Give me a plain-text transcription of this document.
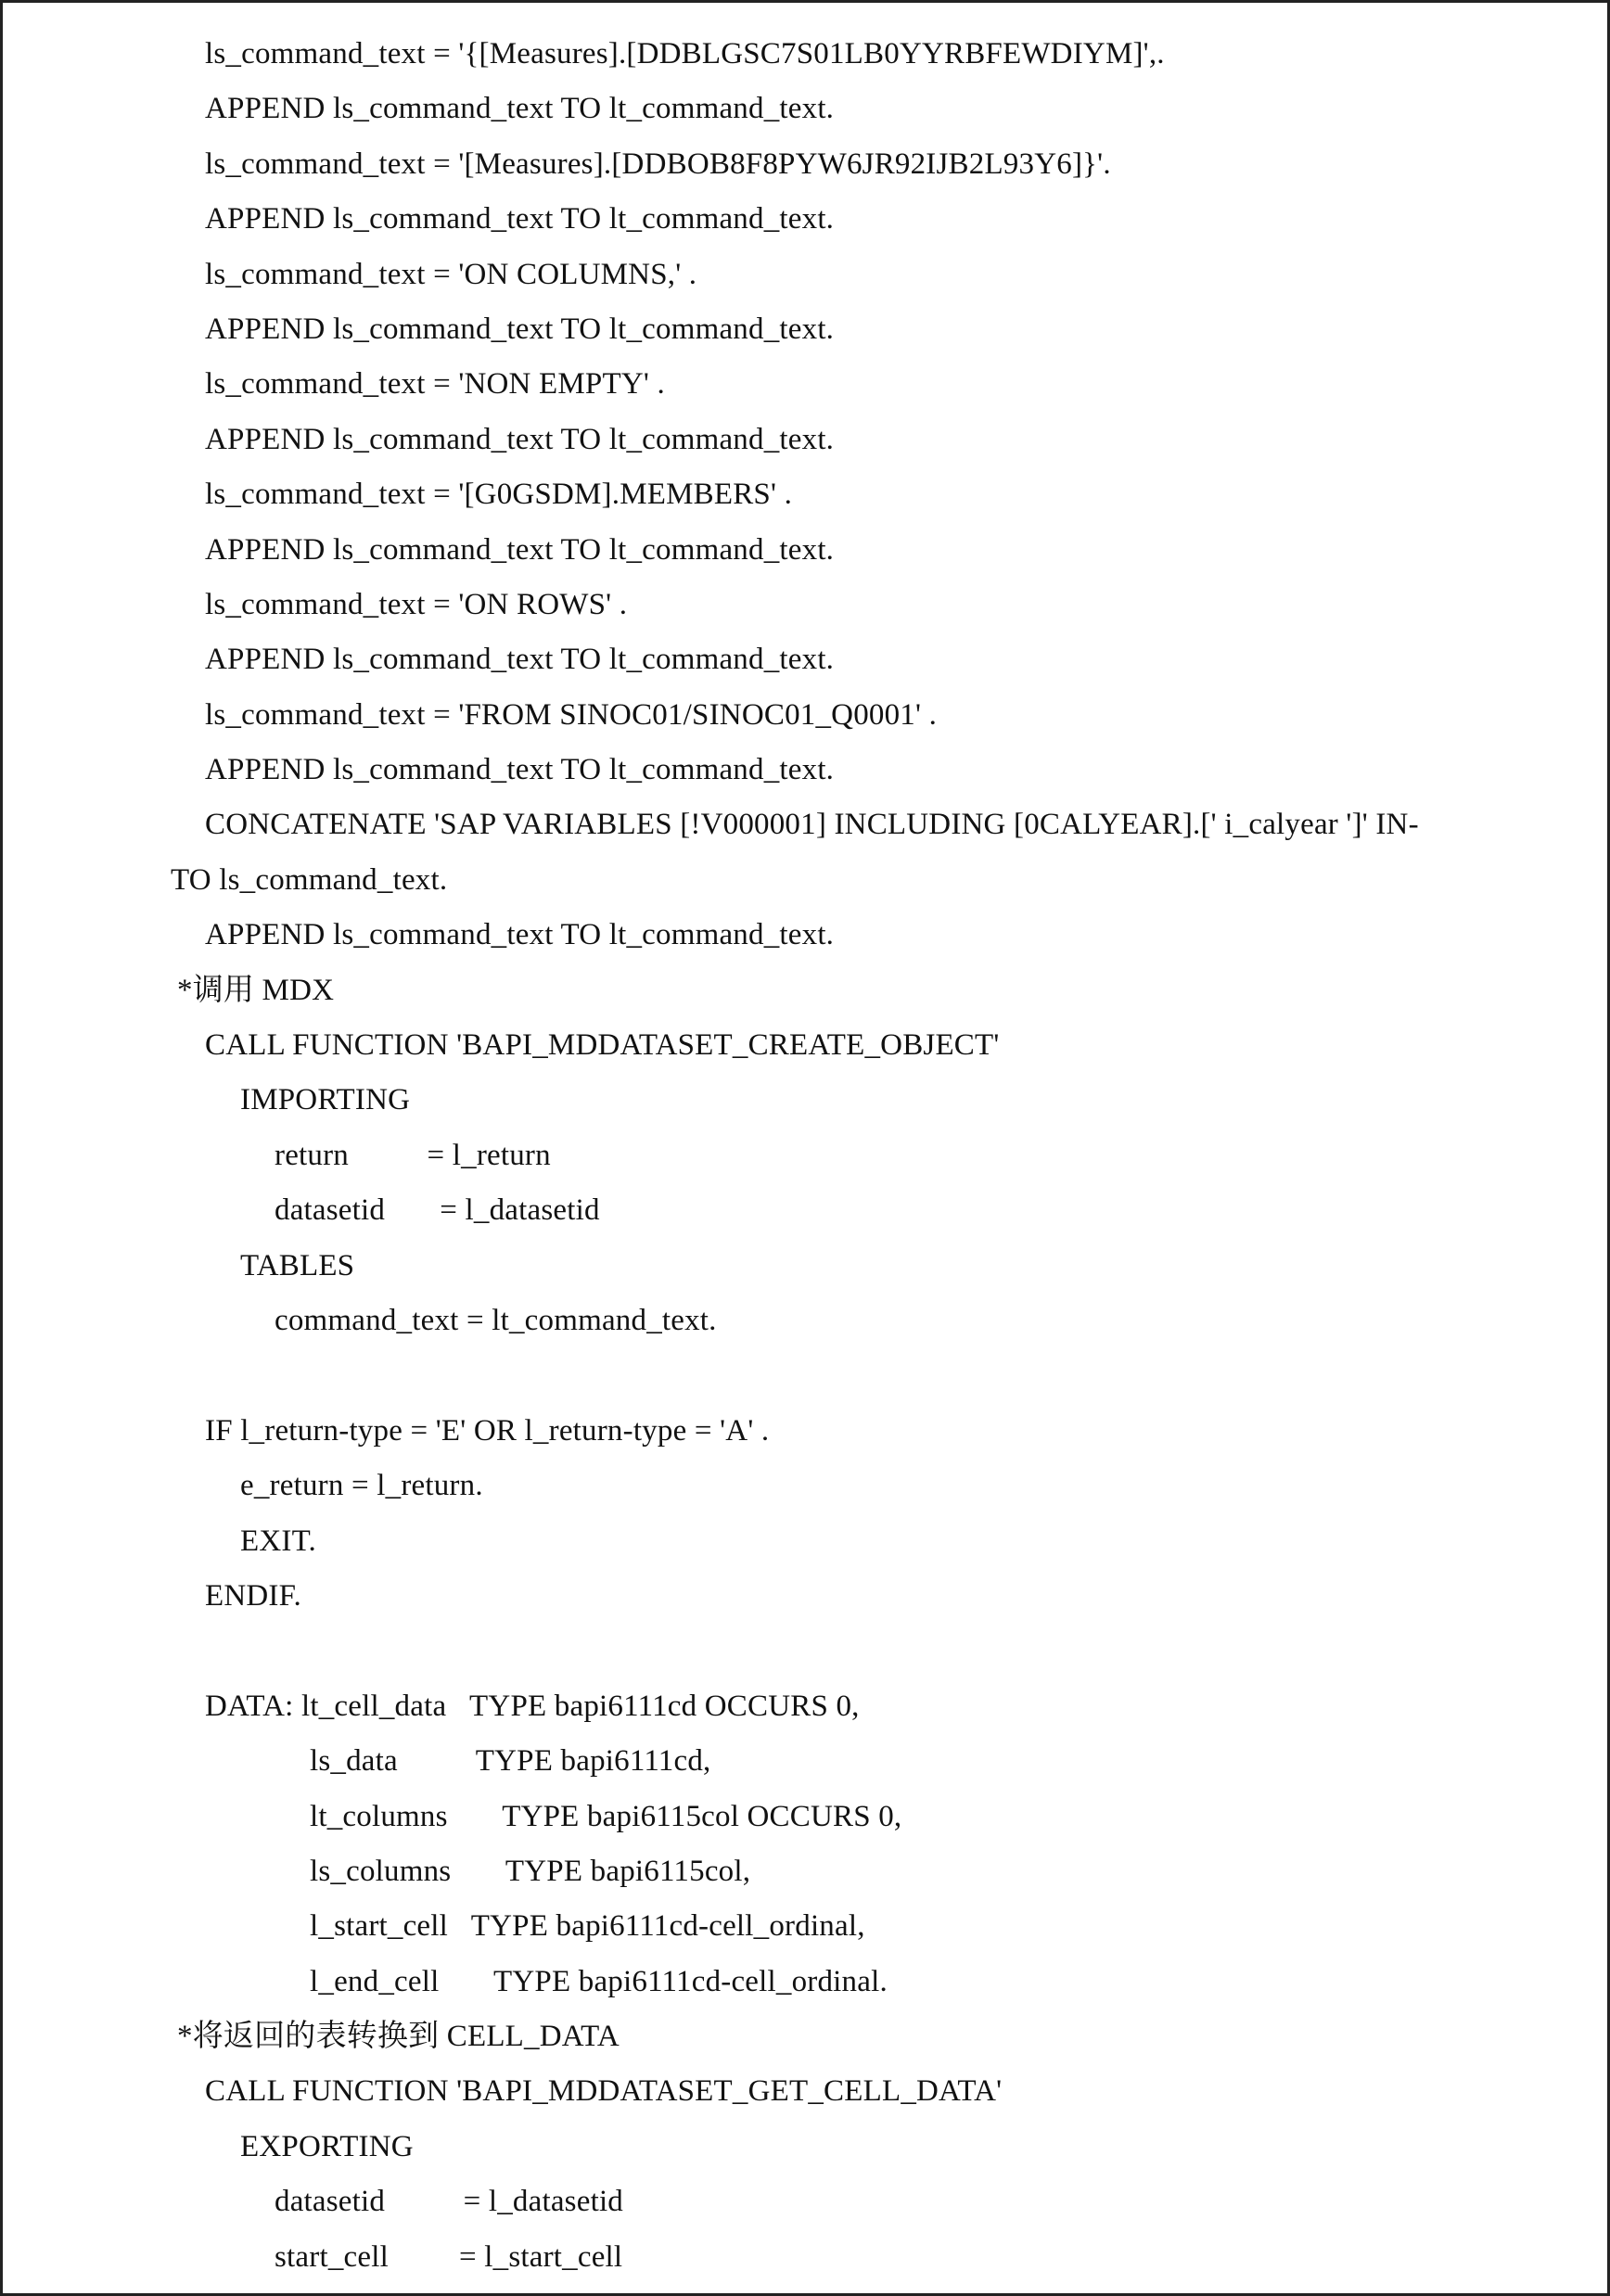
ls_command_text = '{[Measures].[DDBLGSC7S01LB0YYRBFEWDIYM]',.
APPEND ls_command_text TO lt_command_text.
ls_command_text = '[Measures].[DDBOB8F8PYW6JR92IJB2L93Y6]}'.
APPEND ls_command_text TO lt_command_text.
ls_command_text = 'ON COLUMNS,' .
APPEND ls_command_text TO lt_command_text.
ls_command_text = 'NON EMPTY' .
APPEND ls_command_text TO lt_command_text.
ls_command_text = '[G0GSDM].MEMBERS' .
APPEND ls_command_text TO lt_command_text.
ls_command_text = 'ON ROWS' .
APPEND ls_command_text TO lt_command_text.
ls_command_text = 'FROM SINOC01/SINOC01_Q0001' .
APPEND ls_command_text TO lt_command_text.
CONCATENATE 'SAP VARIABLES [!V000001] INCLUDING [0CALYEAR].[' i_calyear ']' IN-
TO ls_command_text.
APPEND ls_command_text TO lt_command_text.
*调用 MDX
CALL FUNCTION 'BAPI_MDDATASET_CREATE_OBJECT'
IMPORTING
return          = l_return
datasetid       = l_datasetid
TABLES
command_text = lt_command_text.
IF l_return-type = 'E' OR l_return-type = 'A' .
e_return = l_return.
EXIT.
ENDIF.
DATA: lt_cell_data   TYPE bapi6111cd OCCURS 0,
ls_data          TYPE bapi6111cd,
lt_columns       TYPE bapi6115col OCCURS 0,
ls_columns       TYPE bapi6115col,
l_start_cell   TYPE bapi6111cd-cell_ordinal,
l_end_cell       TYPE bapi6111cd-cell_ordinal.
*将返回的表转换到 CELL_DATA
CALL FUNCTION 'BAPI_MDDATASET_GET_CELL_DATA'
EXPORTING
datasetid          = l_datasetid
start_cell         = l_start_cell
